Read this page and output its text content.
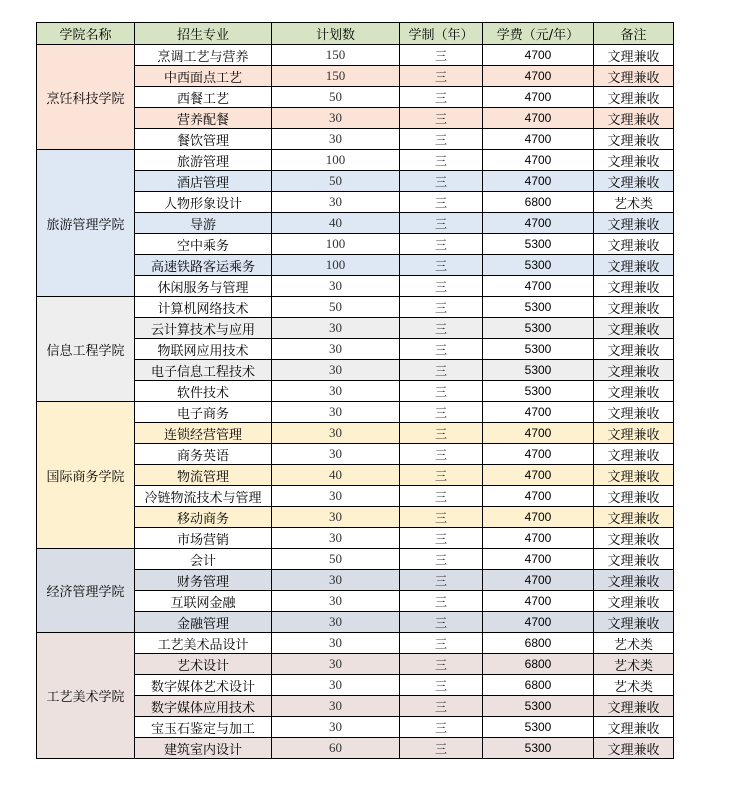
学院名称	招生专业	计划数	学制（年）	学费（元/年）	备注
烹饪科技学院	烹调工艺与营养	150	三	4700	文理兼收
	中西面点工艺	150	三	4700	文理兼收
	西餐工艺	50	三	4700	文理兼收
	营养配餐	30	三	4700	文理兼收
	餐饮管理	30	三	4700	文理兼收
旅游管理学院	旅游管理	100	三	4700	文理兼收
	酒店管理	50	三	4700	文理兼收
	人物形象设计	30	三	6800	艺术类
	导游	40	三	4700	文理兼收
	空中乘务	100	三	5300	文理兼收
	高速铁路客运乘务	100	三	5300	文理兼收
	休闲服务与管理	30	三	4700	文理兼收
信息工程学院	计算机网络技术	50	三	5300	文理兼收
	云计算技术与应用	30	三	5300	文理兼收
	物联网应用技术	30	三	5300	文理兼收
	电子信息工程技术	30	三	5300	文理兼收
	软件技术	30	三	5300	文理兼收
国际商务学院	电子商务	30	三	4700	文理兼收
	连锁经营管理	30	三	4700	文理兼收
	商务英语	30	三	4700	文理兼收
	物流管理	40	三	4700	文理兼收
	冷链物流技术与管理	30	三	4700	文理兼收
	移动商务	30	三	4700	文理兼收
	市场营销	30	三	4700	文理兼收
经济管理学院	会计	50	三	4700	文理兼收
	财务管理	30	三	4700	文理兼收
	互联网金融	30	三	4700	文理兼收
	金融管理	30	三	4700	文理兼收
工艺美术学院	工艺美术品设计	30	三	6800	艺术类
	艺术设计	30	三	6800	艺术类
	数字媒体艺术设计	30	三	6800	艺术类
	数字媒体应用技术	30	三	5300	文理兼收
	宝玉石鉴定与加工	30	三	5300	文理兼收
	建筑室内设计	60	三	5300	文理兼收
